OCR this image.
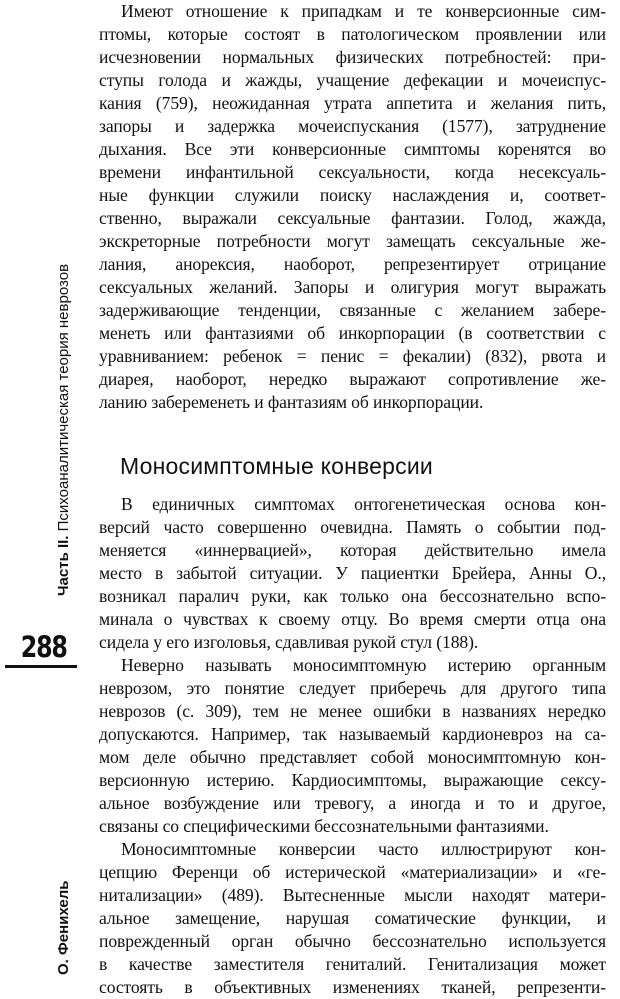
Часть II. Психоаналитическая теория неврозов
288
О. Фенихель
Имеют отношение к припадкам и те конверсионные сим-
птомы, которые состоят в патологическом проявлении или
исчезновении нормальных физических потребностей: при-
ступы голода и жажды, учащение дефекации и мочеиспус-
кания (759), неожиданная утрата аппетита и желания пить,
запоры и задержка мочеиспускания (1577), затруднение
дыхания. Все эти конверсионные симптомы коренятся во
времени инфантильной сексуальности, когда несексуаль-
ные функции служили поиску наслаждения и, соответ-
ственно, выражали сексуальные фантазии. Голод, жажда,
экскреторные потребности могут замещать сексуальные же-
лания, анорексия, наоборот, репрезентирует отрицание
сексуальных желаний. Запоры и олигурия могут выражать
задерживающие тенденции, связанные с желанием забере-
менеть или фантазиями об инкорпорации (в соответствии с
уравниванием: ребенок = пенис = фекалии) (832), рвота и
диарея, наоборот, нередко выражают сопротивление же-
ланию забеременеть и фантазиям об инкорпорации.
Моносимптомные конверсии
В единичных симптомах онтогенетическая основа кон-
версий часто совершенно очевидна. Память о событии под-
меняется «иннервацией», которая действительно имела
место в забытой ситуации. У пациентки Брейера, Анны О.,
возникал паралич руки, как только она бессознательно вспо-
минала о чувствах к своему отцу. Во время смерти отца она
сидела у его изголовья, сдавливая рукой стул (188).
Неверно называть моносимптомную истерию органным
неврозом, это понятие следует приберечь для другого типа
неврозов (с. 309), тем не менее ошибки в названиях нередко
допускаются. Например, так называемый кардионевроз на са-
мом деле обычно представляет собой моносимптомную кон-
версионную истерию. Кардиосимптомы, выражающие сексу-
альное возбуждение или тревогу, а иногда и то и другое,
связаны со специфическими бессознательными фантазиями.
Моносимптомные конверсии часто иллюстрируют кон-
цепцию Ференци об истерической «материализации» и «ге-
нитализации» (489). Вытесненные мысли находят матери-
альное замещение, нарушая соматические функции, и
поврежденный орган обычно бессознательно используется
в качестве заместителя гениталий. Генитализация может
состоять в объективных изменениях тканей, репрезенти-
